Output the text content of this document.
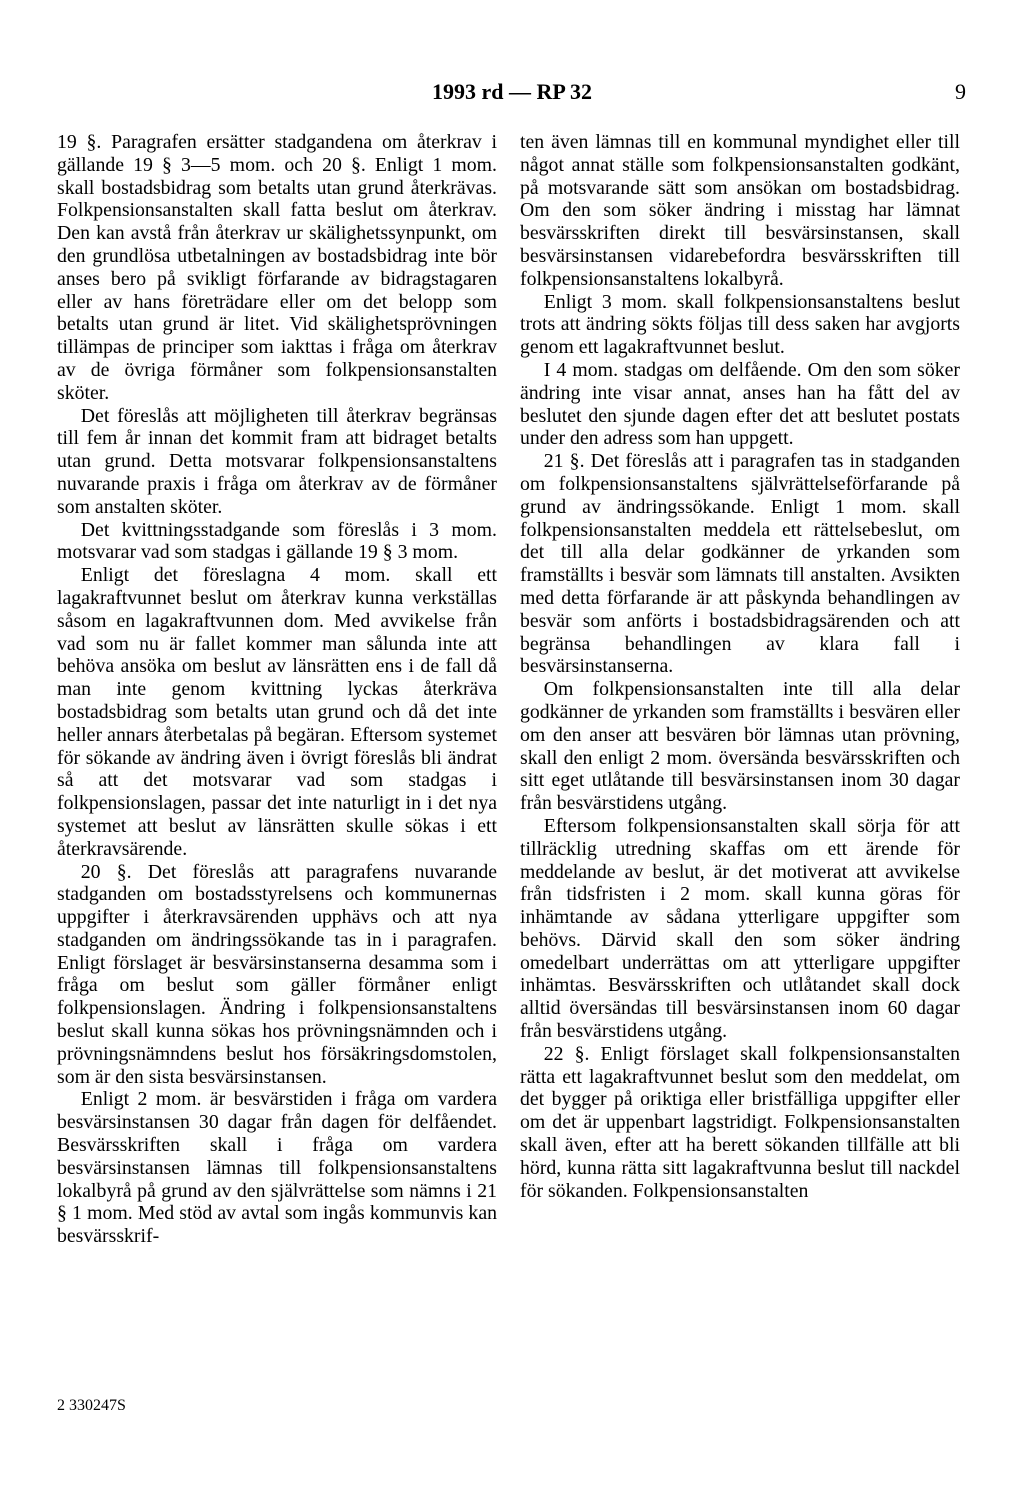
1993 rd — RP 32	9

19 §. Paragrafen ersätter stadgandena om återkrav i gällande 19 § 3—5 mom. och 20 §. Enligt 1 mom. skall bostadsbidrag som betalts utan grund återkrävas. Folkpensionsanstalten skall fatta beslut om återkrav. Den kan avstå från återkrav ur skälighetssynpunkt, om den grundlösa utbetalningen av bostadsbidrag inte bör anses bero på svikligt förfarande av bidragstagaren eller av hans företrädare eller om det belopp som betalts utan grund är litet. Vid skälighetsprövningen tillämpas de principer som iakttas i fråga om återkrav av de övriga förmåner som folkpensionsanstalten sköter.

Det föreslås att möjligheten till återkrav begränsas till fem år innan det kommit fram att bidraget betalts utan grund. Detta motsvarar folkpensionsanstaltens nuvarande praxis i fråga om återkrav av de förmåner som anstalten sköter.

Det kvittningsstadgande som föreslås i 3 mom. motsvarar vad som stadgas i gällande 19 § 3 mom.

Enligt det föreslagna 4 mom. skall ett lagakraftvunnet beslut om återkrav kunna verkställas såsom en lagakraftvunnen dom. Med avvikelse från vad som nu är fallet kommer man sålunda inte att behöva ansöka om beslut av länsrätten ens i de fall då man inte genom kvittning lyckas återkräva bostadsbidrag som betalts utan grund och då det inte heller annars återbetalas på begäran. Eftersom systemet för sökande av ändring även i övrigt föreslås bli ändrat så att det motsvarar vad som stadgas i folkpensionslagen, passar det inte naturligt in i det nya systemet att beslut av länsrätten skulle sökas i ett återkravsärende.

20 §. Det föreslås att paragrafens nuvarande stadganden om bostadsstyrelsens och kommunernas uppgifter i återkravsärenden upphävs och att nya stadganden om ändringssökande tas in i paragrafen. Enligt förslaget är besvärsinstanserna desamma som i fråga om beslut som gäller förmåner enligt folkpensionslagen. Ändring i folkpensionsanstaltens beslut skall kunna sökas hos prövningsnämnden och i prövningsnämndens beslut hos försäkringsdomstolen, som är den sista besvärsinstansen.

Enligt 2 mom. är besvärstiden i fråga om vardera besvärsinstansen 30 dagar från dagen för delfåendet. Besvärsskriften skall i fråga om vardera besvärsinstansen lämnas till folkpensionsanstaltens lokalbyrå på grund av den självrättelse som nämns i 21 § 1 mom. Med stöd av avtal som ingås kommunvis kan besvärsskrif-

ten även lämnas till en kommunal myndighet eller till något annat ställe som folkpensionsanstalten godkänt, på motsvarande sätt som ansökan om bostadsbidrag. Om den som söker ändring i misstag har lämnat besvärsskriften direkt till besvärsinstansen, skall besvärsinstansen vidarebefordra besvärsskriften till folkpensionsanstaltens lokalbyrå.

Enligt 3 mom. skall folkpensionsanstaltens beslut trots att ändring sökts följas till dess saken har avgjorts genom ett lagakraftvunnet beslut.

I 4 mom. stadgas om delfående. Om den som söker ändring inte visar annat, anses han ha fått del av beslutet den sjunde dagen efter det att beslutet postats under den adress som han uppgett.

21 §. Det föreslås att i paragrafen tas in stadganden om folkpensionsanstaltens självrättelseförfarande på grund av ändringssökande. Enligt 1 mom. skall folkpensionsanstalten meddela ett rättelsebeslut, om det till alla delar godkänner de yrkanden som framställts i besvär som lämnats till anstalten. Avsikten med detta förfarande är att påskynda behandlingen av besvär som anförts i bostadsbidragsärenden och att begränsa behandlingen av klara fall i besvärsinstanserna.

Om folkpensionsanstalten inte till alla delar godkänner de yrkanden som framställts i besvären eller om den anser att besvären bör lämnas utan prövning, skall den enligt 2 mom. översända besvärsskriften och sitt eget utlåtande till besvärsinstansen inom 30 dagar från besvärstidens utgång.

Eftersom folkpensionsanstalten skall sörja för att tillräcklig utredning skaffas om ett ärende för meddelande av beslut, är det motiverat att avvikelse från tidsfristen i 2 mom. skall kunna göras för inhämtande av sådana ytterligare uppgifter som behövs. Därvid skall den som söker ändring omedelbart underrättas om att ytterligare uppgifter inhämtas. Besvärsskriften och utlåtandet skall dock alltid översändas till besvärsinstansen inom 60 dagar från besvärstidens utgång.

22 §. Enligt förslaget skall folkpensionsanstalten rätta ett lagakraftvunnet beslut som den meddelat, om det bygger på oriktiga eller bristfälliga uppgifter eller om det är uppenbart lagstridigt. Folkpensionsanstalten skall även, efter att ha berett sökanden tillfälle att bli hörd, kunna rätta sitt lagakraftvunna beslut till nackdel för sökanden. Folkpensionsanstalten

2 330247S
